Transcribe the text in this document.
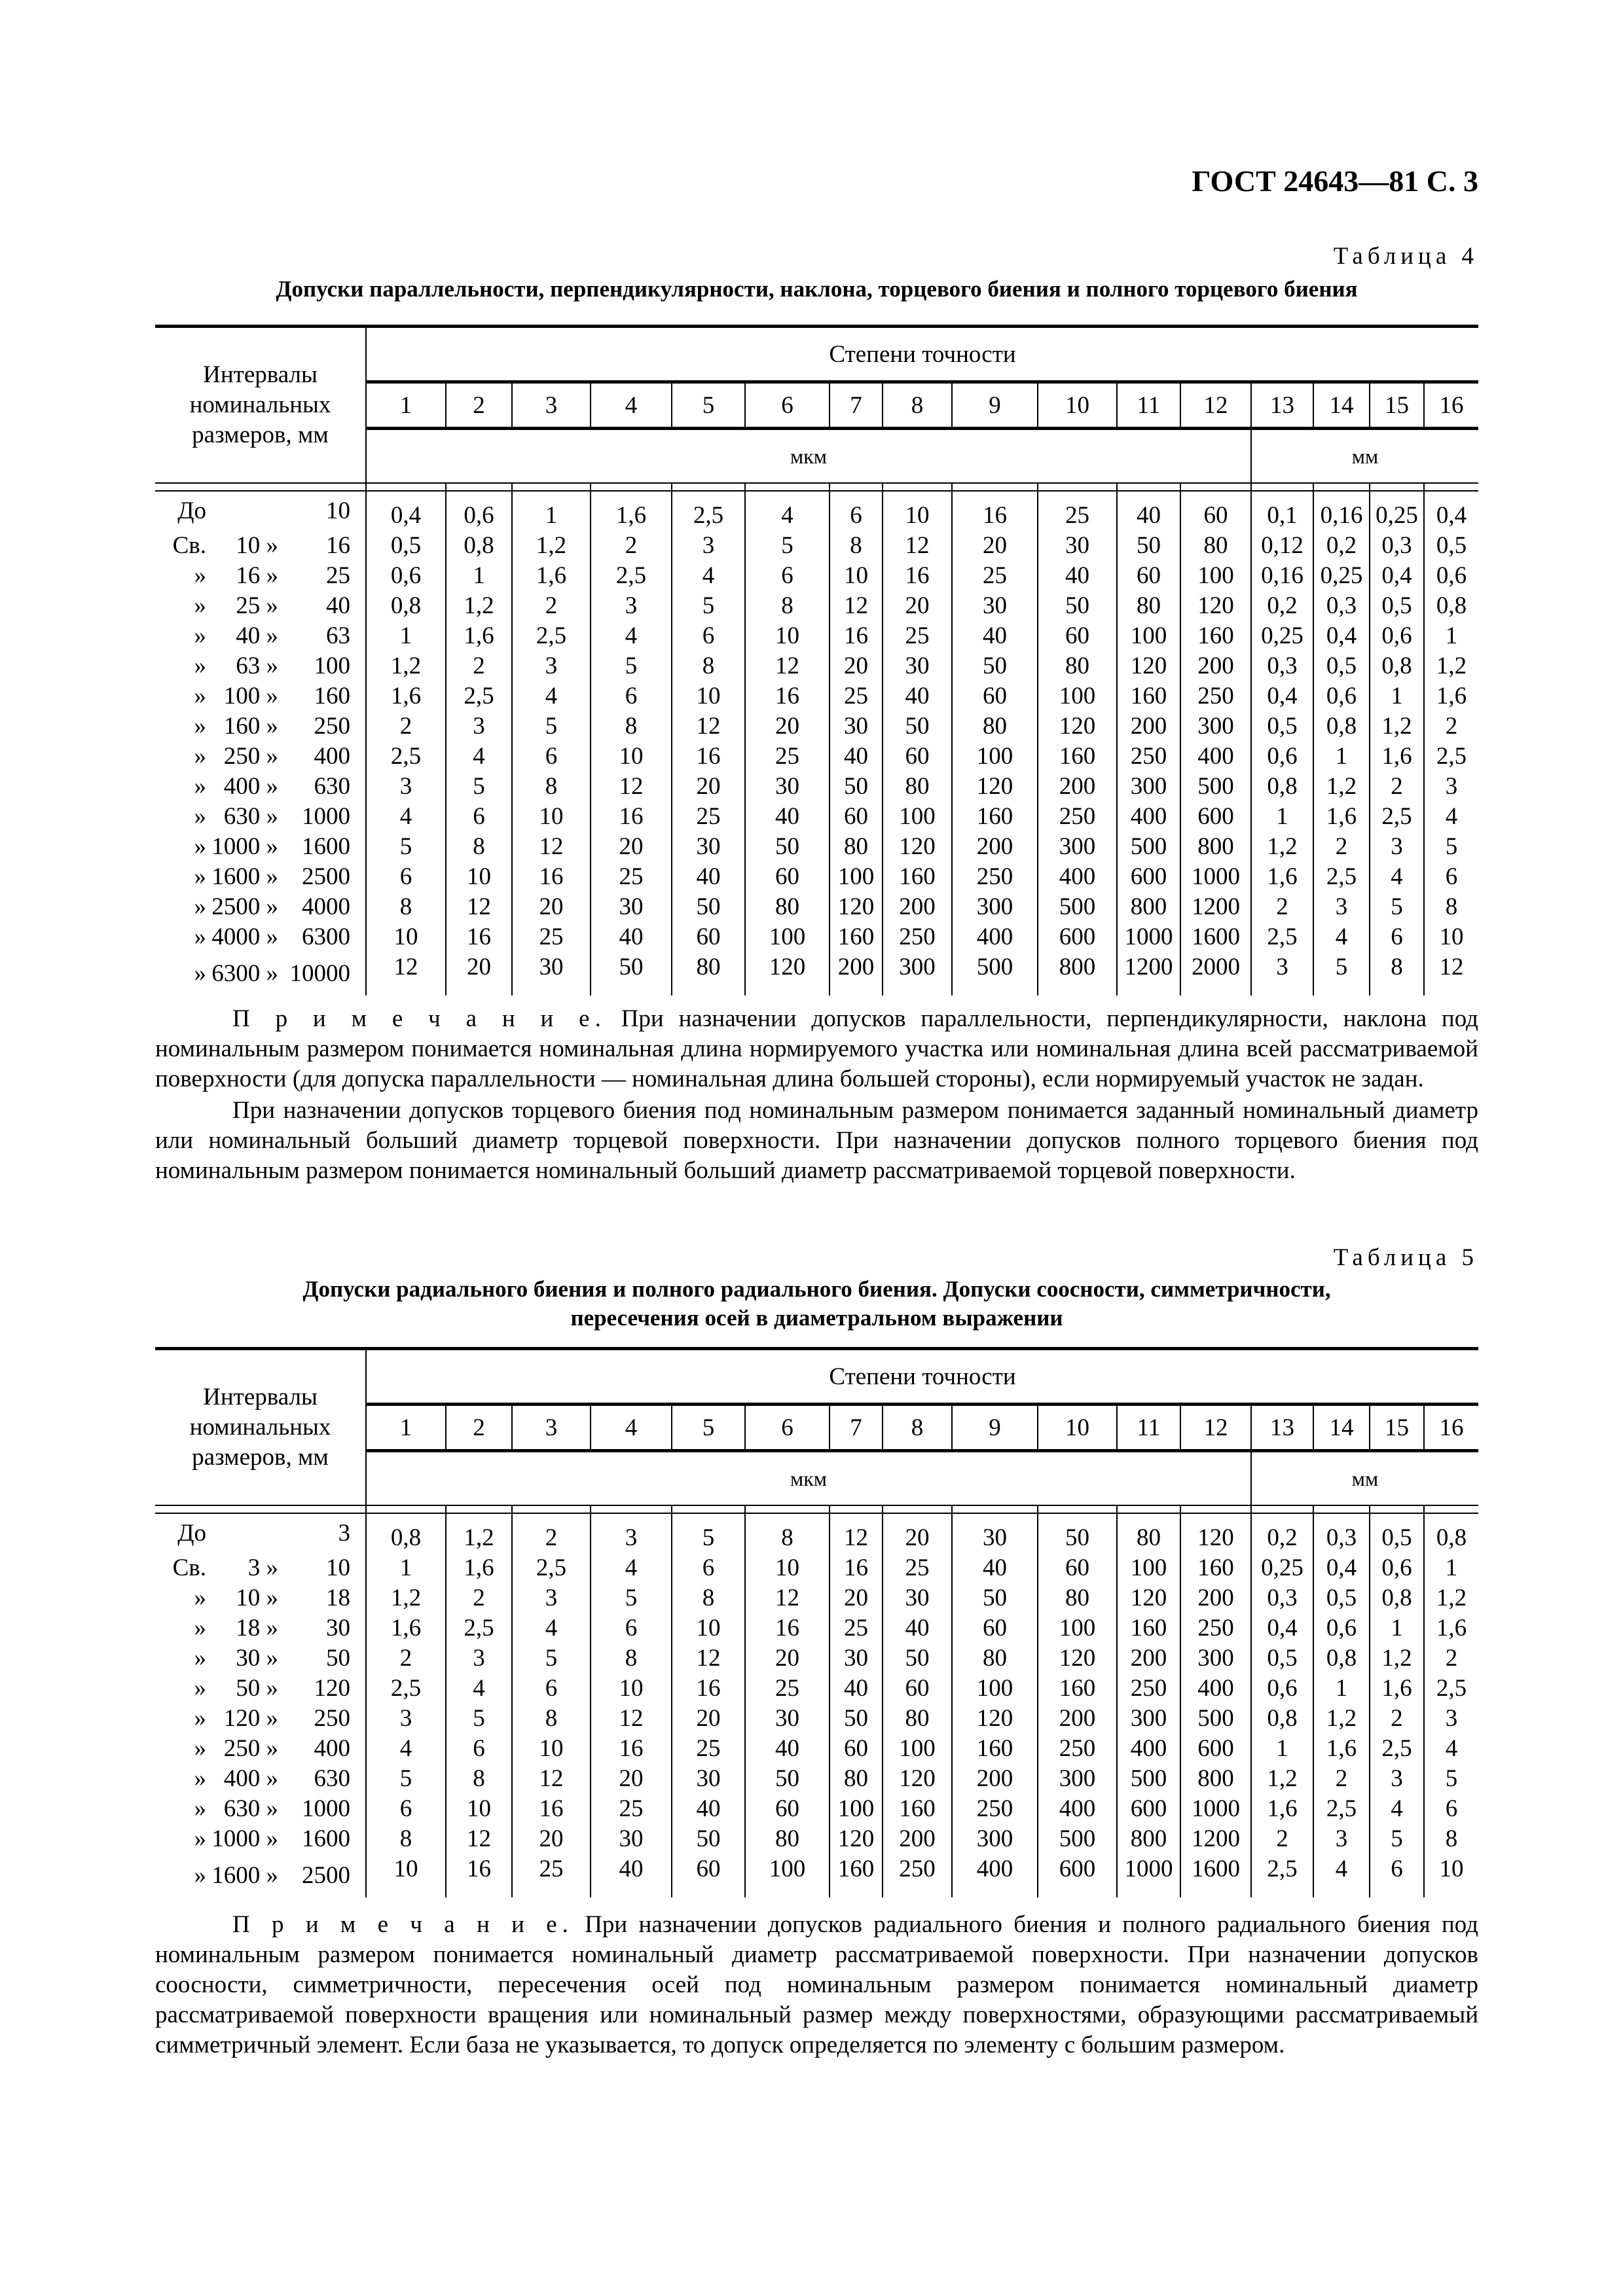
ГОСТ 24643—81 С. 3
Таблица 4
Допуски параллельности, перпендикулярности, наклона, торцевого биения и полного торцевого биения
Интервалы номинальных размеров, мм	Степени точности															
	1	2	3	4	5	6	7	8	9	10	11	12	13	14	15	16
	мкм												мм			

До 10	0,4	0,6	1	1,6	2,5	4	6	10	16	25	40	60	0,1	0,16	0,25	0,4
Св. 10 » 16	0,5	0,8	1,2	2	3	5	8	12	20	30	50	80	0,12	0,2	0,3	0,5
» 16 » 25	0,6	1	1,6	2,5	4	6	10	16	25	40	60	100	0,16	0,25	0,4	0,6
» 25 » 40	0,8	1,2	2	3	5	8	12	20	30	50	80	120	0,2	0,3	0,5	0,8
» 40 » 63	1	1,6	2,5	4	6	10	16	25	40	60	100	160	0,25	0,4	0,6	1
» 63 » 100	1,2	2	3	5	8	12	20	30	50	80	120	200	0,3	0,5	0,8	1,2
» 100 » 160	1,6	2,5	4	6	10	16	25	40	60	100	160	250	0,4	0,6	1	1,6
» 160 » 250	2	3	5	8	12	20	30	50	80	120	200	300	0,5	0,8	1,2	2
» 250 » 400	2,5	4	6	10	16	25	40	60	100	160	250	400	0,6	1	1,6	2,5
» 400 » 630	3	5	8	12	20	30	50	80	120	200	300	500	0,8	1,2	2	3
» 630 » 1000	4	6	10	16	25	40	60	100	160	250	400	600	1	1,6	2,5	4
» 1000 » 1600	5	8	12	20	30	50	80	120	200	300	500	800	1,2	2	3	5
» 1600 » 2500	6	10	16	25	40	60	100	160	250	400	600	1000	1,6	2,5	4	6
» 2500 » 4000	8	12	20	30	50	80	120	200	300	500	800	1200	2	3	5	8
» 4000 » 6300	10	16	25	40	60	100	160	250	400	600	1000	1600	2,5	4	6	10
» 6300 » 10000	12	20	30	50	80	120	200	300	500	800	1200	2000	3	5	8	12

П р и м е ч а н и е. При назначении допусков параллельности, перпендикулярности, наклона под номинальным размером понимается номинальная длина нормируемого участка или номинальная длина всей рассматриваемой поверхности (для допуска параллельности — номинальная длина большей стороны), если нормируемый участок не задан.

При назначении допусков торцевого биения под номинальным размером понимается заданный номинальный диаметр или номинальный больший диаметр торцевой поверхности. При назначении допусков полного торцевого биения под номинальным размером понимается номинальный больший диаметр рассматриваемой торцевой поверхности.

Таблица 5
Допуски радиального биения и полного радиального биения. Допуски соосности, симметричности,
пересечения осей в диаметральном выражении
Интервалы номинальных размеров, мм	Степени точности															
	1	2	3	4	5	6	7	8	9	10	11	12	13	14	15	16
	мкм												мм			

До 3	0,8	1,2	2	3	5	8	12	20	30	50	80	120	0,2	0,3	0,5	0,8
Св. 3 » 10	1	1,6	2,5	4	6	10	16	25	40	60	100	160	0,25	0,4	0,6	1
» 10 » 18	1,2	2	3	5	8	12	20	30	50	80	120	200	0,3	0,5	0,8	1,2
» 18 » 30	1,6	2,5	4	6	10	16	25	40	60	100	160	250	0,4	0,6	1	1,6
» 30 » 50	2	3	5	8	12	20	30	50	80	120	200	300	0,5	0,8	1,2	2
» 50 » 120	2,5	4	6	10	16	25	40	60	100	160	250	400	0,6	1	1,6	2,5
» 120 » 250	3	5	8	12	20	30	50	80	120	200	300	500	0,8	1,2	2	3
» 250 » 400	4	6	10	16	25	40	60	100	160	250	400	600	1	1,6	2,5	4
» 400 » 630	5	8	12	20	30	50	80	120	200	300	500	800	1,2	2	3	5
» 630 » 1000	6	10	16	25	40	60	100	160	250	400	600	1000	1,6	2,5	4	6
» 1000 » 1600	8	12	20	30	50	80	120	200	300	500	800	1200	2	3	5	8
» 1600 » 2500	10	16	25	40	60	100	160	250	400	600	1000	1600	2,5	4	6	10

П р и м е ч а н и е. При назначении допусков радиального биения и полного радиального биения под номинальным размером понимается номинальный диаметр рассматриваемой поверхности. При назначении допусков соосности, симметричности, пересечения осей под номинальным размером понимается номинальный диаметр рассматриваемой поверхности вращения или номинальный размер между поверхностями, образующими рассматриваемый симметричный элемент. Если база не указывается, то допуск определяется по элементу с большим размером.
